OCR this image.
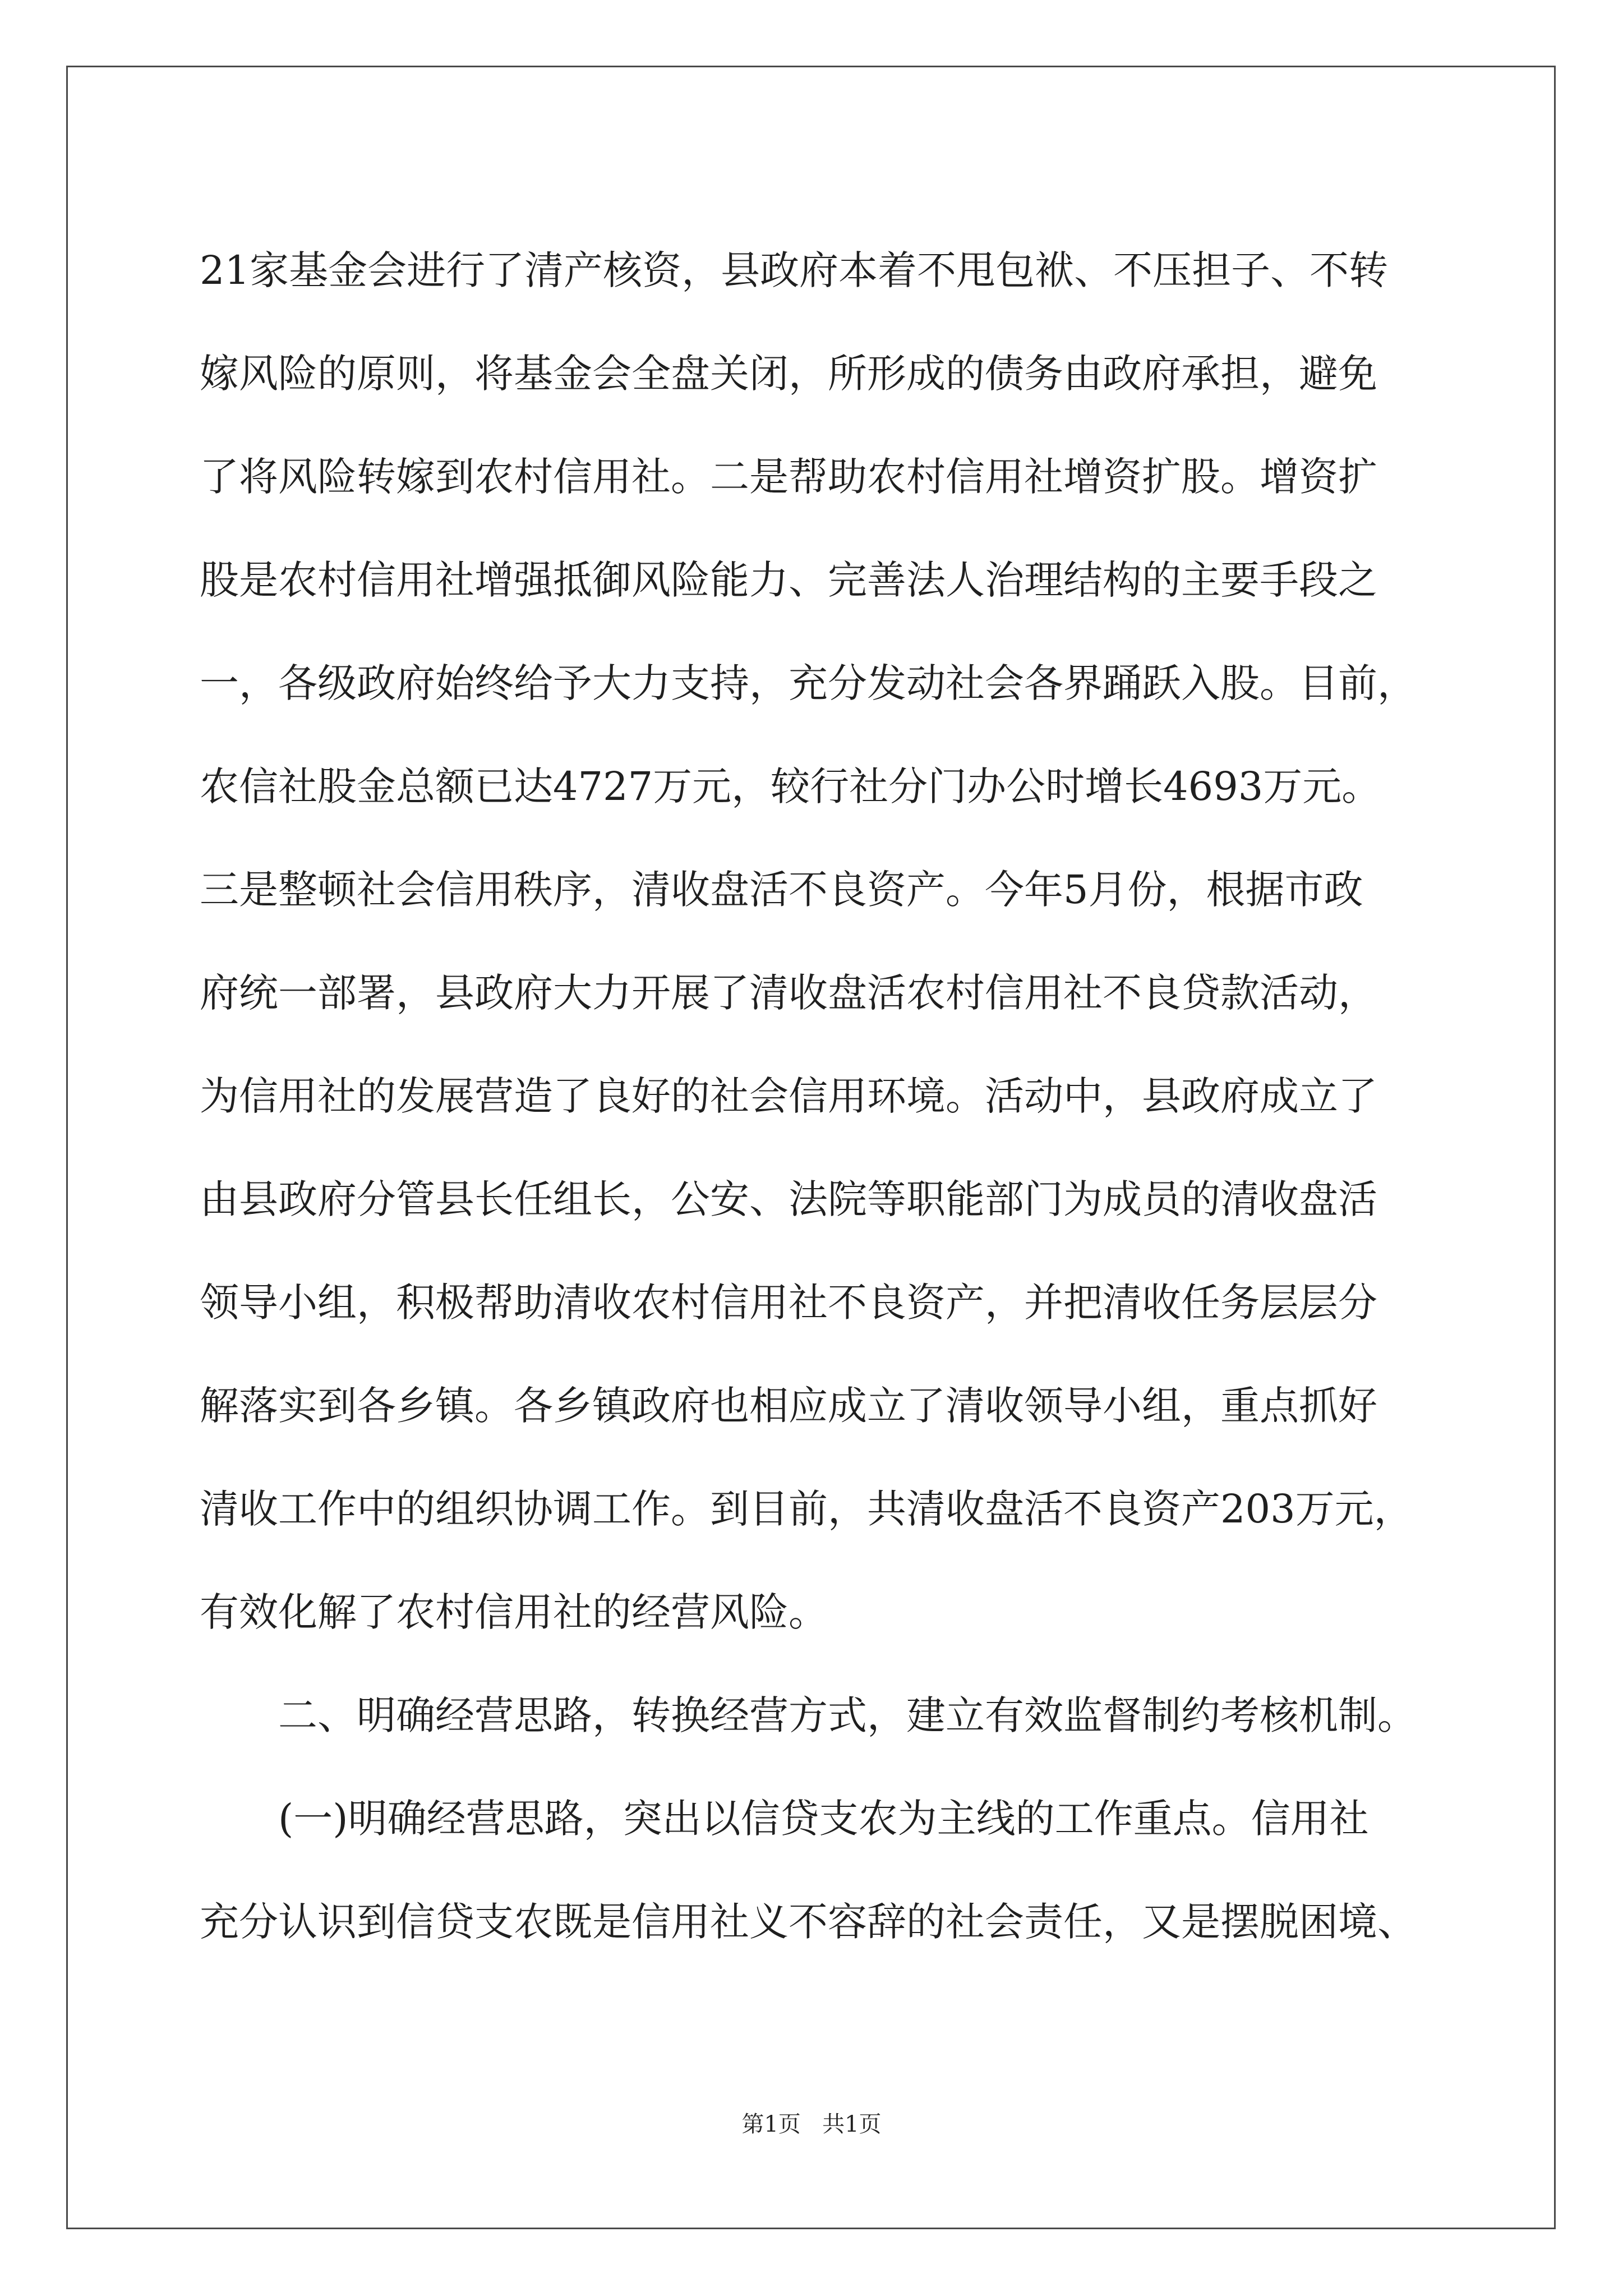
21家基金会进行了清产核资，县政府本着不甩包袱、不压担子、不转
嫁风险的原则，将基金会全盘关闭，所形成的债务由政府承担，避免
了将风险转嫁到农村信用社。二是帮助农村信用社增资扩股。增资扩
股是农村信用社增强抵御风险能力、完善法人治理结构的主要手段之
一，各级政府始终给予大力支持，充分发动社会各界踊跃入股。目前，
农信社股金总额已达4727万元，较行社分门办公时增长4693万元。
三是整顿社会信用秩序，清收盘活不良资产。今年5月份，根据市政
府统一部署，县政府大力开展了清收盘活农村信用社不良贷款活动，
为信用社的发展营造了良好的社会信用环境。活动中，县政府成立了
由县政府分管县长任组长，公安、法院等职能部门为成员的清收盘活
领导小组，积极帮助清收农村信用社不良资产，并把清收任务层层分
解落实到各乡镇。各乡镇政府也相应成立了清收领导小组，重点抓好
清收工作中的组织协调工作。到目前，共清收盘活不良资产203万元，
有效化解了农村信用社的经营风险。
二、明确经营思路，转换经营方式，建立有效监督制约考核机制。
(一)明确经营思路，突出以信贷支农为主线的工作重点。信用社
充分认识到信贷支农既是信用社义不容辞的社会责任，又是摆脱困境、
第1页 共1页
